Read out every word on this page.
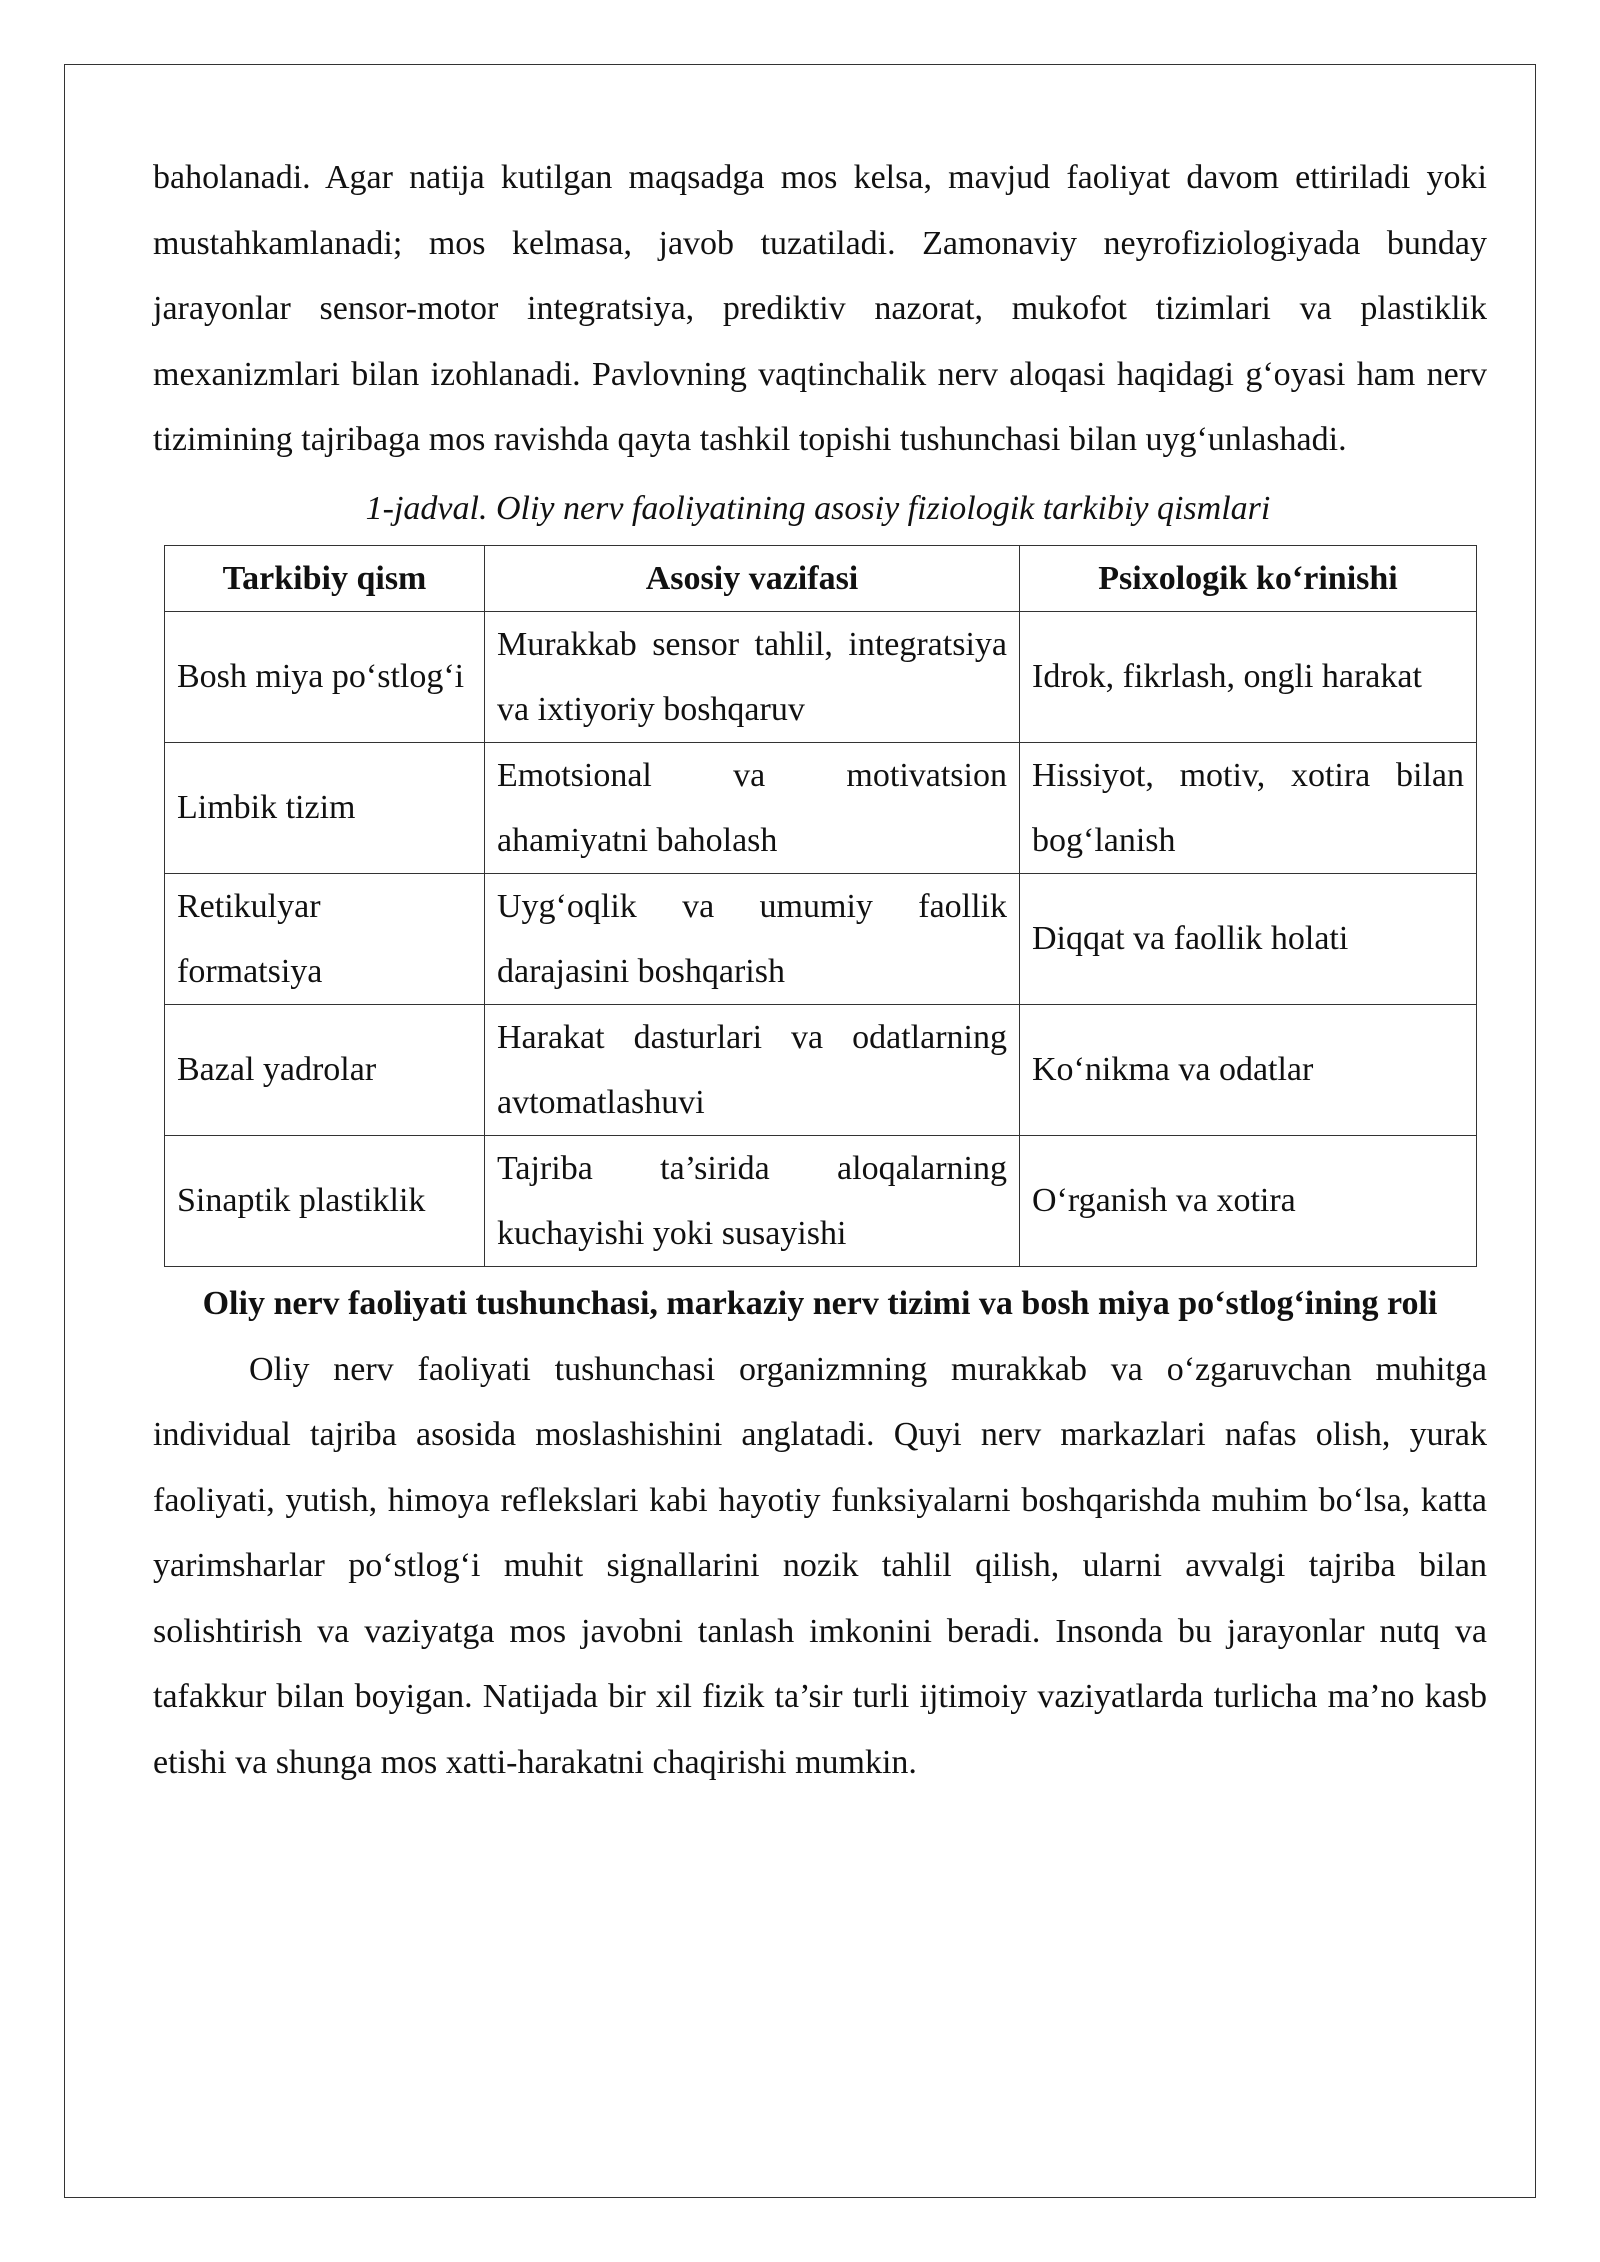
baholanadi. Agar natija kutilgan maqsadga mos kelsa, mavjud faoliyat davom ettiriladi yoki mustahkamlanadi; mos kelmasa, javob tuzatiladi. Zamonaviy neyrofiziologiyada bunday jarayonlar sensor-motor integratsiya, prediktiv nazorat, mukofot tizimlari va plastiklik mexanizmlari bilan izohlanadi. Pavlovning vaqtinchalik nerv aloqasi haqidagi g‘oyasi ham nerv tizimining tajribaga mos ravishda qayta tashkil topishi tushunchasi bilan uyg‘unlashadi.

1-jadval. Oliy nerv faoliyatining asosiy fiziologik tarkibiy qismlari

Tarkibiy qism	Asosiy vazifasi	Psixologik ko‘rinishi
Bosh miya po‘stlog‘i	Murakkab sensor tahlil, integratsiya va ixtiyoriy boshqaruv	Idrok, fikrlash, ongli harakat
Limbik tizim	Emotsional va motivatsion ahamiyatni baholash	Hissiyot, motiv, xotira bilan bog‘lanish
Retikulyar formatsiya	Uyg‘oqlik va umumiy faollik darajasini boshqarish	Diqqat va faollik holati
Bazal yadrolar	Harakat dasturlari va odatlarning avtomatlashuvi	Ko‘nikma va odatlar
Sinaptik plastiklik	Tajriba ta’sirida aloqalarning kuchayishi yoki susayishi	O‘rganish va xotira

Oliy nerv faoliyati tushunchasi, markaziy nerv tizimi va bosh miya po‘stlog‘ining roli

Oliy nerv faoliyati tushunchasi organizmning murakkab va o‘zgaruvchan muhitga individual tajriba asosida moslashishini anglatadi. Quyi nerv markazlari nafas olish, yurak faoliyati, yutish, himoya reflekslari kabi hayotiy funksiyalarni boshqarishda muhim bo‘lsa, katta yarimsharlar po‘stlog‘i muhit signallarini nozik tahlil qilish, ularni avvalgi tajriba bilan solishtirish va vaziyatga mos javobni tanlash imkonini beradi. Insonda bu jarayonlar nutq va tafakkur bilan boyigan. Natijada bir xil fizik ta’sir turli ijtimoiy vaziyatlarda turlicha ma’no kasb etishi va shunga mos xatti-harakatni chaqirishi mumkin.
